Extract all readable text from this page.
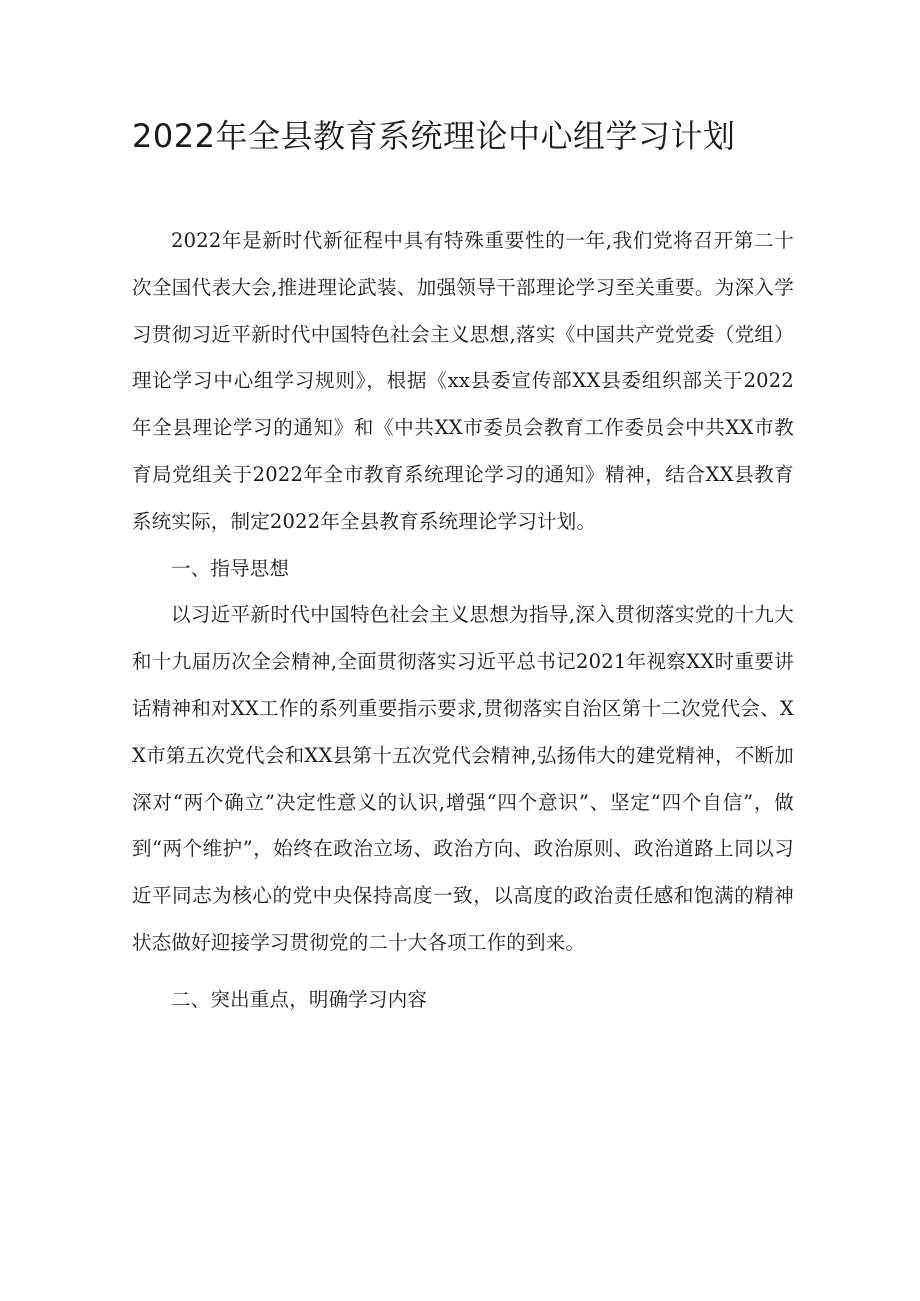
2022年全县教育系统理论中心组学习计划

2022年是新时代新征程中具有特殊重要性的一年,我们党将召开第二十次全国代表大会,推进理论武装、加强领导干部理论学习至关重要。为深入学习贯彻习近平新时代中国特色社会主义思想,落实《中国共产党党委（党组）理论学习中心组学习规则》，根据《xx县委宣传部XX县委组织部关于2022年全县理论学习的通知》和《中共XX市委员会教育工作委员会中共XX市教育局党组关于2022年全市教育系统理论学习的通知》精神，结合XX县教育系统实际，制定2022年全县教育系统理论学习计划。

一、指导思想

以习近平新时代中国特色社会主义思想为指导,深入贯彻落实党的十九大和十九届历次全会精神,全面贯彻落实习近平总书记2021年视察XX时重要讲话精神和对XX工作的系列重要指示要求,贯彻落实自治区第十二次党代会、XX市第五次党代会和XX县第十五次党代会精神,弘扬伟大的建党精神，不断加深对“两个确立”决定性意义的认识,增强“四个意识”、坚定“四个自信”，做到“两个维护”，始终在政治立场、政治方向、政治原则、政治道路上同以习近平同志为核心的党中央保持高度一致，以高度的政治责任感和饱满的精神状态做好迎接学习贯彻党的二十大各项工作的到来。

二、突出重点，明确学习内容
